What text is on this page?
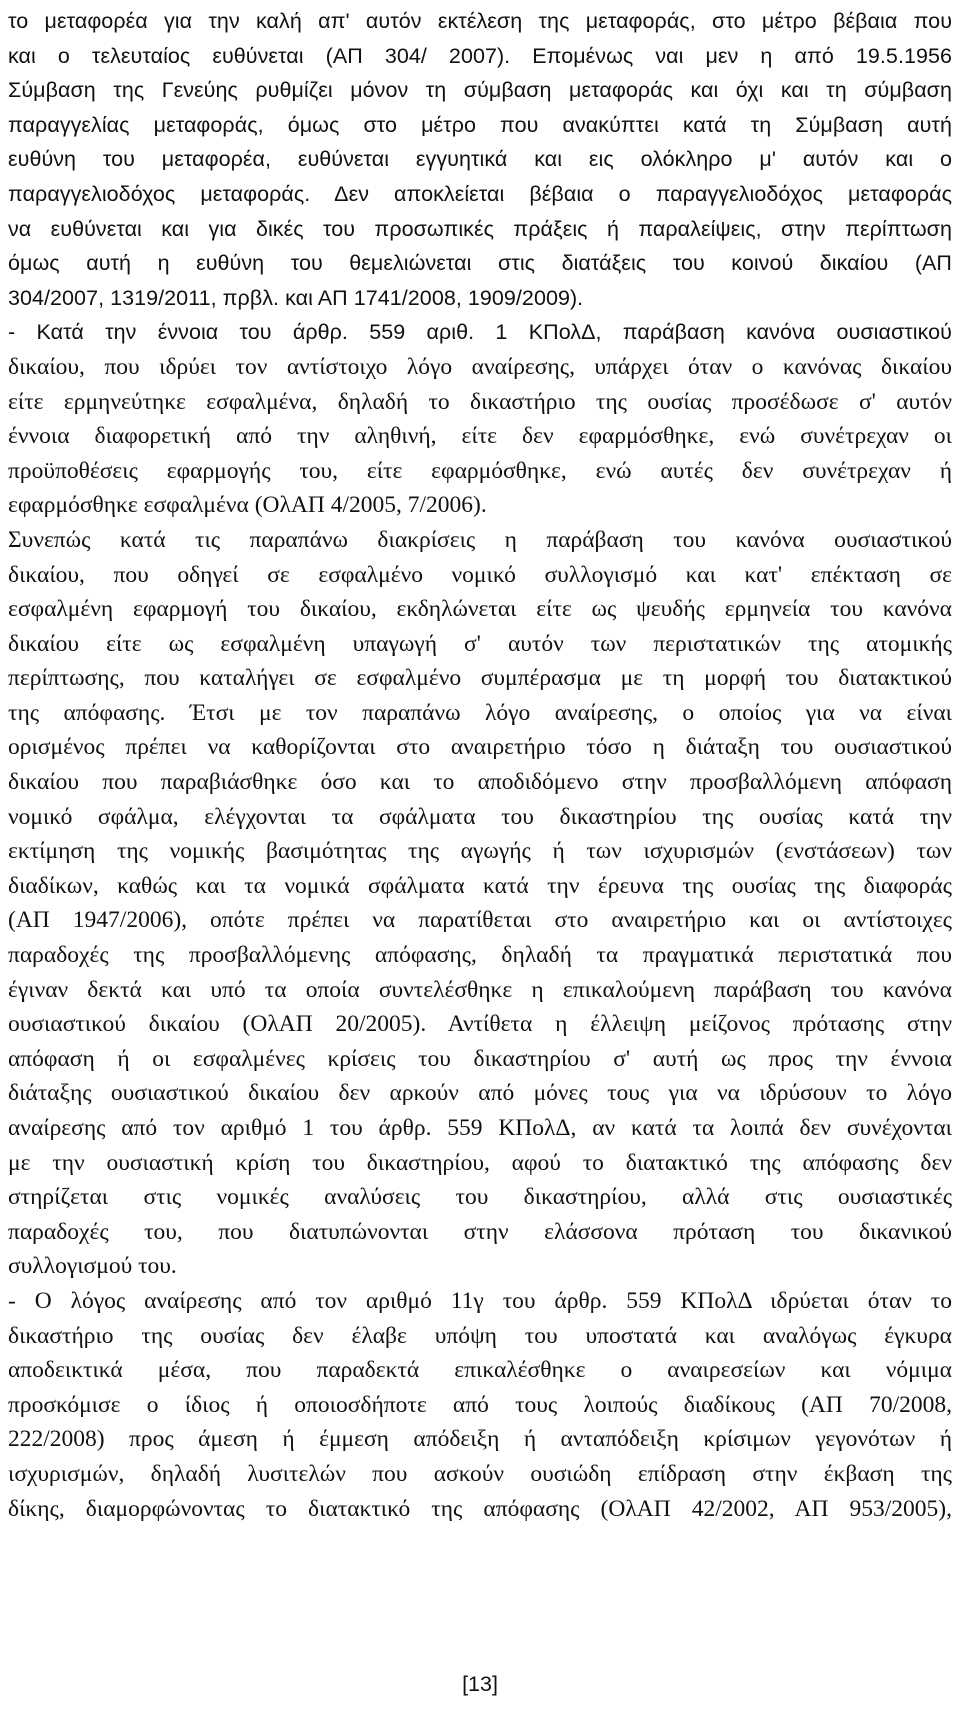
το μεταφορέα για την καλή απ' αυτόν εκτέλεση της μεταφοράς, στο μέτρο βέβαια που
και ο τελευταίος ευθύνεται (ΑΠ 304/ 2007). Επομένως ναι μεν η από 19.5.1956
Σύμβαση της Γενεύης ρυθμίζει μόνον τη σύμβαση μεταφοράς και όχι και τη σύμβαση
παραγγελίας μεταφοράς, όμως στο μέτρο που ανακύπτει κατά τη Σύμβαση αυτή
ευθύνη του μεταφορέα, ευθύνεται εγγυητικά και εις ολόκληρο μ' αυτόν και ο
παραγγελιοδόχος μεταφοράς. Δεν αποκλείεται βέβαια ο παραγγελιοδόχος μεταφοράς
να ευθύνεται και για δικές του προσωπικές πράξεις ή παραλείψεις, στην περίπτωση
όμως αυτή η ευθύνη του θεμελιώνεται στις διατάξεις του κοινού δικαίου (ΑΠ
304/2007, 1319/2011, πρβλ. και ΑΠ 1741/2008, 1909/2009).
- Κατά την έννοια του άρθρ. 559 αριθ. 1 ΚΠολΔ, παράβαση κανόνα ουσιαστικού
δικαίου, που ιδρύει τον αντίστοιχο λόγο αναίρεσης, υπάρχει όταν ο κανόνας δικαίου
είτε ερμηνεύτηκε εσφαλμένα, δηλαδή το δικαστήριο της ουσίας προσέδωσε σ' αυτόν
έννοια διαφορετική από την αληθινή, είτε δεν εφαρμόσθηκε, ενώ συνέτρεχαν οι
προϋποθέσεις εφαρμογής του, είτε εφαρμόσθηκε, ενώ αυτές δεν συνέτρεχαν ή
εφαρμόσθηκε εσφαλμένα (ΟλΑΠ 4/2005, 7/2006).
Συνεπώς κατά τις παραπάνω διακρίσεις η παράβαση του κανόνα ουσιαστικού
δικαίου, που οδηγεί σε εσφαλμένο νομικό συλλογισμό και κατ' επέκταση σε
εσφαλμένη εφαρμογή του δικαίου, εκδηλώνεται είτε ως ψευδής ερμηνεία του κανόνα
δικαίου είτε ως εσφαλμένη υπαγωγή σ' αυτόν των περιστατικών της ατομικής
περίπτωσης, που καταλήγει σε εσφαλμένο συμπέρασμα με τη μορφή του διατακτικού
της απόφασης. Έτσι με τον παραπάνω λόγο αναίρεσης, ο οποίος για να είναι
ορισμένος πρέπει να καθορίζονται στο αναιρετήριο τόσο η διάταξη του ουσιαστικού
δικαίου που παραβιάσθηκε όσο και το αποδιδόμενο στην προσβαλλόμενη απόφαση
νομικό σφάλμα, ελέγχονται τα σφάλματα του δικαστηρίου της ουσίας κατά την
εκτίμηση της νομικής βασιμότητας της αγωγής ή των ισχυρισμών (ενστάσεων) των
διαδίκων, καθώς και τα νομικά σφάλματα κατά την έρευνα της ουσίας της διαφοράς
(ΑΠ 1947/2006), οπότε πρέπει να παρατίθεται στο αναιρετήριο και οι αντίστοιχες
παραδοχές της προσβαλλόμενης απόφασης, δηλαδή τα πραγματικά περιστατικά που
έγιναν δεκτά και υπό τα οποία συντελέσθηκε η επικαλούμενη παράβαση του κανόνα
ουσιαστικού δικαίου (ΟλΑΠ 20/2005). Αντίθετα η έλλειψη μείζονος πρότασης στην
απόφαση ή οι εσφαλμένες κρίσεις του δικαστηρίου σ' αυτή ως προς την έννοια
διάταξης ουσιαστικού δικαίου δεν αρκούν από μόνες τους για να ιδρύσουν το λόγο
αναίρεσης από τον αριθμό 1 του άρθρ. 559 ΚΠολΔ, αν κατά τα λοιπά δεν συνέχονται
με την ουσιαστική κρίση του δικαστηρίου, αφού το διατακτικό της απόφασης δεν
στηρίζεται στις νομικές αναλύσεις του δικαστηρίου, αλλά στις ουσιαστικές
παραδοχές του, που διατυπώνονται στην ελάσσονα πρόταση του δικανικού
συλλογισμού του.
- Ο λόγος αναίρεσης από τον αριθμό 11γ του άρθρ. 559 ΚΠολΔ ιδρύεται όταν το
δικαστήριο της ουσίας δεν έλαβε υπόψη του υποστατά και αναλόγως έγκυρα
αποδεικτικά μέσα, που παραδεκτά επικαλέσθηκε ο αναιρεσείων και νόμιμα
προσκόμισε ο ίδιος ή οποιοσδήποτε από τους λοιπούς διαδίκους (ΑΠ 70/2008,
222/2008) προς άμεση ή έμμεση απόδειξη ή ανταπόδειξη κρίσιμων γεγονότων ή
ισχυρισμών, δηλαδή λυσιτελών που ασκούν ουσιώδη επίδραση στην έκβαση της
δίκης, διαμορφώνοντας το διατακτικό της απόφασης (ΟλΑΠ 42/2002, ΑΠ 953/2005),
[13]
